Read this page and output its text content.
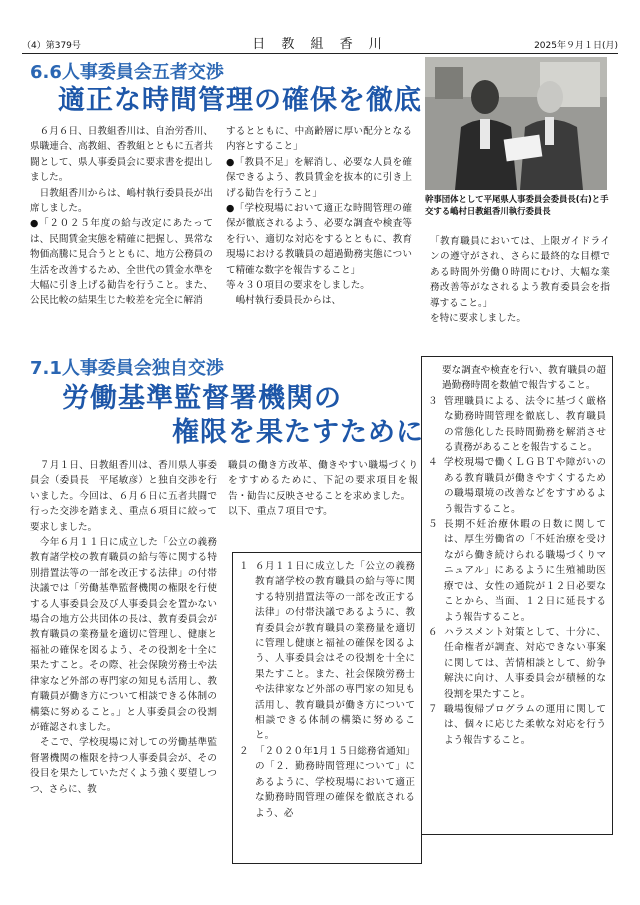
（4）第379号	日 教 組 香 川	2025年９月１日(月)
6.6人事委員会五者交渉
適正な時間管理の確保を徹底

　６月６日、日教組香川は、自治労香川、県職連合、高教組、香教組とともに五者共闘として、県人事委員会に要求書を提出しました。

　日教組香川からは、嶋村執行委員長が出席しました。

●「２０２５年度の給与改定にあたっては、民間賃金実態を精確に把握し、異常な物価高騰に見合うとともに、地方公務員の生活を改善するため、全世代の賃金水準を大幅に引き上げる勧告を行うこと。また、公民比較の結果生じた較差を完全に解消

するとともに、中高齢層に厚い配分となる内容とすること」

●「教員不足」を解消し、必要な人員を確保できるよう、教員賃金を抜本的に引き上げる勧告を行うこと」

●「学校現場において適正な時間管理の確保が徹底されるよう、必要な調査や検査等を行い、適切な対応をするとともに、教育現場における教職員の超過勤務実態について精確な数字を報告すること」

等々３０項目の要求をしました。

　嶋村執行委員長からは、

幹事団体として平尾県人事委員会委員長(右)と手交する嶋村日教組香川執行委員長

「教育職員においては、上限ガイドラインの遵守がされ、さらに最終的な目標である時間外労働０時間にむけ、大幅な業務改善等がなされるよう教育委員会を指導すること。」

を特に要求しました。

7.1人事委員会独自交渉
労働基準監督署機関の
権限を果たすために

　７月１日、日教組香川は、香川県人事委員会（委員長　平尾敏彦）と独自交渉を行いました。今回は、６月６日に五者共闘で行った交渉を踏まえ、重点６項目に絞って要求しました。

　今年６月１１日に成立した「公立の義務教育諸学校の教育職員の給与等に関する特別措置法等の一部を改正する法律」の付帯決議では「労働基準監督機関の権限を行使する人事委員会及び人事委員会を置かない場合の地方公共団体の長は、教育委員会が教育職員の業務量を適切に管理し、健康と福祉の確保を図るよう、その役割を十全に果たすこと。その際、社会保険労務士や法律家など外部の専門家の知見も活用し、教育職員が働き方について相談できる体制の構築に努めること。」と人事委員会の役割が確認されました。

　そこで、学校現場に対しての労働基準監督署機関の権限を持つ人事委員会が、その役目を果たしていただくよう強く要望しつつ、さらに、教

職員の働き方改革、働きやすい職場づくりをすすめるために、下記の要求項目を報告・勧告に反映させることを求めました。

以下、重点７項目です。

１ ６月１１日に成立した「公立の義務教育諸学校の教育職員の給与等に関する特別措置法等の一部を改正する法律」の付帯決議であるように、教育委員会が教育職員の業務量を適切に管理し健康と福祉の確保を図るよう、人事委員会はその役割を十全に果たすこと。また、社会保険労務士や法律家など外部の専門家の知見も活用し、教育職員が働き方について相談できる体制の構築に努めること。
２ 「２０２０年1月１５日総務省通知」の「２．勤務時間管理について」にあるように、学校現場において適正な勤務時間管理の確保を徹底されるよう、必

要な調査や検査を行い、教育職員の超過勤務時間を数値で報告すること。

３ 管理職員による、法令に基づく厳格な勤務時間管理を徹底し、教育職員の常態化した長時間勤務を解消させる責務があることを報告すること。
４ 学校現場で働くＬＧＢＴや障がいのある教育職員が働きやすくするための職場環境の改善などをすすめるよう報告すること。
５ 長期不妊治療休暇の日数に関しては、厚生労働省の「不妊治療を受けながら働き続けられる職場づくりマニュアル」にあるように生殖補助医療では、女性の通院が１２日必要なことから、当面、１２日に延長するよう報告すること。
６ ハラスメント対策として、十分に、任命権者が調査、対応できない事案に関しては、苦情相談として、紛争解決に向け、人事委員会が積極的な役割を果たすこと。
７ 職場復帰プログラムの運用に関しては、個々に応じた柔軟な対応を行うよう報告すること。
